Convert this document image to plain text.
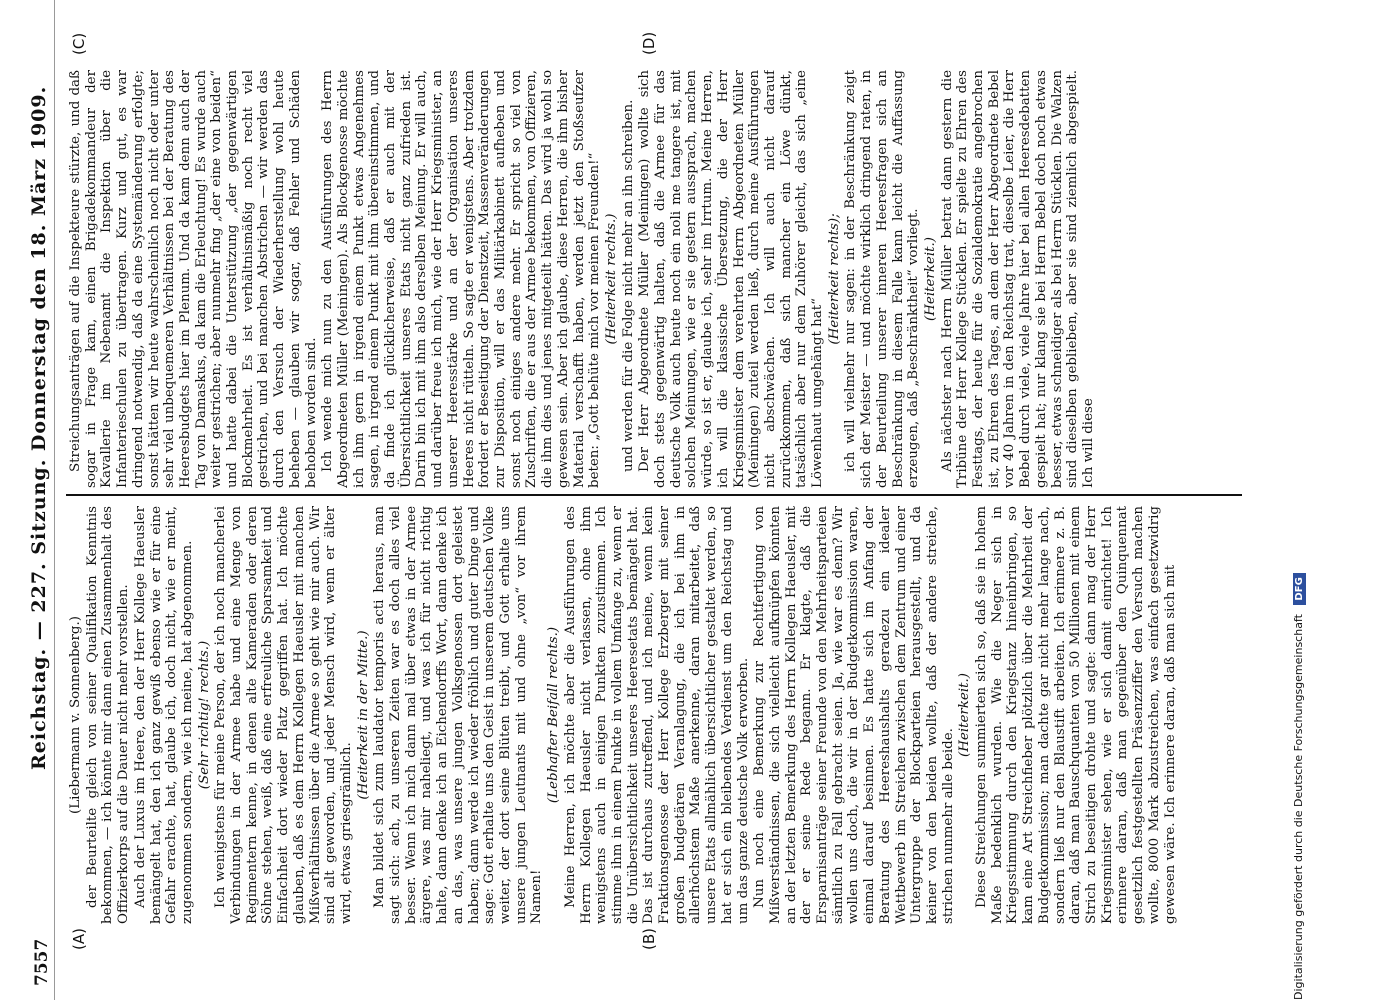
7557
Reichstag. — 227. Sitzung. Donnerstag den 18. März 1909.
(A)	(B)
(C)	(D)

(Liebermann v. Sonnenberg.) der Beurteilte gleich von seiner Qualifikation Kenntnis bekommen, — ich könnte mir dann einen Zusammenhalt des Offizierkorps auf die Dauer nicht mehr vorstellen. Auch der Luxus im Heere, den der Herr Kollege Haeusler bemängelt hat, den ich ganz gewiß ebenso wie er für eine Gefahr erachte, hat, glaube ich, doch nicht, wie er meint, zugenommen sondern, wie ich meine, hat abgenommen. (Sehr richtig! rechts.) Ich wenigstens für meine Person, der ich noch mancherlei Verbindungen in der Armee habe und eine Menge von Regimentern kenne, in denen alte Kameraden oder deren Söhne stehen, weiß, daß eine erfreuliche Sparsamkeit und Einfachheit dort wieder Platz gegriffen hat. Ich möchte glauben, daß es dem Herrn Kollegen Haeusler mit manchen Mißverhältnissen über die Armee so geht wie mir auch. Wir sind alt geworden, und jeder Mensch wird, wenn er älter wird, etwas griesgrämlich.

(Heiterkeit in der Mitte.) Man bildet sich zum laudator temporis acti heraus, man sagt sich: ach, zu unseren Zeiten war es doch alles viel besser. Wenn ich mich dann mal über etwas in der Armee ärgere, was mir naheliegt, und was ich für nicht richtig halte, dann denke ich an Eichendorffs Wort, dann denke ich an das, was unsere jungen Volksgenossen dort geleistet haben; dann werde ich wieder fröhlich und guter Dinge und sage: Gott erhalte uns den Geist in unserem deutschen Volke weiter, der dort seine Blüten treibt, und Gott erhalte uns unsere jungen Leutnants mit und ohne „von“ vor ihrem Namen!

(Lebhafter Beifall rechts.) Meine Herren, ich möchte aber die Ausführungen des Herrn Kollegen Haeusler nicht verlassen, ohne ihm wenigstens auch in einigen Punkten zuzustimmen. Ich stimme ihm in einem Punkte in vollem Umfange zu, wenn er die Unübersichtlichkeit unseres Heeresetats bemängelt hat. Das ist durchaus zutreffend, und ich meine, wenn kein Fraktionsgenosse der Herr Kollege Erzberger mit seiner großen budgetären Veranlagung, die ich bei ihm in allerhöchstem Maße anerkenne, daran mitarbeitet, daß unsere Etats allmählich übersichtlicher gestaltet werden, so hat er sich ein bleibendes Verdienst um den Reichstag und um das ganze deutsche Volk erworben. Nun noch eine Bemerkung zur Rechtfertigung von Mißverständnissen, die sich vielleicht aufknüpfen könnten an der letzten Bemerkung des Herrn Kollegen Haeusler, mit der er seine Rede begann. Er klagte, daß die Ersparnisanträge seiner Freunde von den Mehrheitsparteien sämtlich zu Fall gebracht seien. Ja, wie war es denn? Wir wollen uns doch, die wir in der Budgetkommission waren, einmal darauf besinnen. Es hatte sich im Anfang der Beratung des Heereshaushalts geradezu ein idealer Wettbewerb im Streichen zwischen dem Zentrum und einer Untergruppe der Blockparteien herausgestellt, und da keiner von den beiden wollte, daß der andere streiche, strichen nunmehr alle beide.

(Heiterkeit.) Diese Streichungen summierten sich so, daß sie in hohem Maße bedenklich wurden. Wie die Neger sich in Kriegsstimmung durch den Kriegstanz hineinbringen, so kam eine Art Streichfieber plötzlich über die Mehrheit der Budgetkommission; man dachte gar nicht mehr lange nach, sondern ließ nur den Blaustift arbeiten. Ich erinnere z. B. daran, daß man Bauschquanten von 50 Millionen mit einem Strich zu beseitigen drohte und sagte: dann mag der Herr Kriegsminister sehen, wie er sich damit einrichtet! Ich erinnere daran, daß man gegenüber den Quinquennat gesetzlich festgestellten Präsenzziffer den Versuch machen wollte, 8000 Mark abzustreichen, was einfach gesetzwidrig gewesen wäre. Ich erinnere daran, daß man sich mit

Streichungsanträgen auf die Inspekteure stürzte, und daß sogar in Frage kam, einen Brigadekommandeur der Kavallerie im Nebenamt die Inspektion über die Infanterieschulen zu übertragen. Kurz und gut, es war dringend notwendig, daß da eine Systemänderung erfolgte; sonst hätten wir heute wahrscheinlich noch nicht oder unter sehr viel unbequemeren Verhältnissen bei der Beratung des Heeresbudgets hier im Plenum. Und da kam denn auch der Tag von Damaskus, da kam die Erleuchtung! Es wurde auch weiter gestrichen; aber nunmehr fing „der eine von beiden“ und hatte dabei die Unterstützung „der gegenwärtigen Blockmehrheit. Es ist verhältnismäßig noch recht viel gestrichen, und bei manchen Abstrichen — wir werden das durch den Versuch der Wiederherstellung wohl heute beheben — glauben wir sogar, daß Fehler und Schäden behoben worden sind. Ich wende mich nun zu den Ausführungen des Herrn Abgeordneten Müller (Meiningen). Als Blockgenosse möchte ich ihm gern in irgend einem Punkt etwas Angenehmes sagen, in irgend einem Punkt mit ihm übereinstimmen, und da finde ich glücklicherweise, daß er auch mit der Übersichtlichkeit unseres Etats nicht ganz zufrieden ist. Darin bin ich mit ihm also derselben Meinung. Er will auch, und darüber freue ich mich, wie der Herr Kriegsminister, an unserer Heeresstärke und an der Organisation unseres Heeres nicht rütteln. So sagte er wenigstens. Aber trotzdem fordert er Beseitigung der Dienstzeit, Massenveränderungen zur Disposition, will er das Militärkabinett aufheben und sonst noch einiges andere mehr. Er spricht so viel von Zuschriften, die er aus der Armee bekommen, von Offizieren, die ihm dies und jenes mitgeteilt hätten. Das wird ja wohl so gewesen sein. Aber ich glaube, diese Herren, die ihm bisher Material verschafft haben, werden jetzt den Stoßseufzer beten: „Gott behüte mich vor meinen Freunden!“ (Heiterkeit rechts.) und werden für die Folge nicht mehr an ihn schreiben. Der Herr Abgeordnete Müller (Meiningen) wollte sich doch stets gegenwärtig halten, daß die Armee für das deutsche Volk auch heute noch ein noli me tangere ist, mit solchen Meinungen, wie er sie gestern aussprach, machen würde, so ist er, glaube ich, sehr im Irrtum. Meine Herren, ich will die klassische Übersetzung, die der Herr Kriegsminister dem verehrten Herrn Abgeordneten Müller (Meiningen) zuteil werden ließ, durch meine Ausführungen nicht abschwächen. Ich will auch nicht darauf zurückkommen, daß sich mancher ein Löwe dünkt, tatsächlich aber nur dem Zuhörer gleicht, das sich „eine Löwenhaut umgehängt hat“

(Heiterkeit rechts); ich will vielmehr nur sagen: in der Beschränkung zeigt sich der Meister — und möchte wirklich dringend raten, in der Beurteilung unserer inneren Heeresfragen sich an Beschränkung in diesem Falle kann leicht die Auffassung erzeugen, daß „Beschränktheit“ vorliegt. (Heiterkeit.) Als nächster nach Herrn Müller betrat dann gestern die Tribüne der Herr Kollege Stücklen. Er spielte zu Ehren des Festtags, der heute für die Sozialdemokratie angebrochen ist, zu Ehren des Tages, an dem der Herr Abgeordnete Bebel vor 40 Jahren in den Reichstag trat, dieselbe Leier, die Herr Bebel durch viele, viele Jahre hier bei allen Heeresdebatten gespielt hat; nur klang sie bei Herrn Bebel doch noch etwas besser, etwas schneidiger als bei Herrn Stücklen. Die Walzen sind dieselben geblieben, aber sie sind ziemlich abgespielt. Ich will diese

Digitalisierung gefördert durch die Deutsche Forschungsgemeinschaft DFG
